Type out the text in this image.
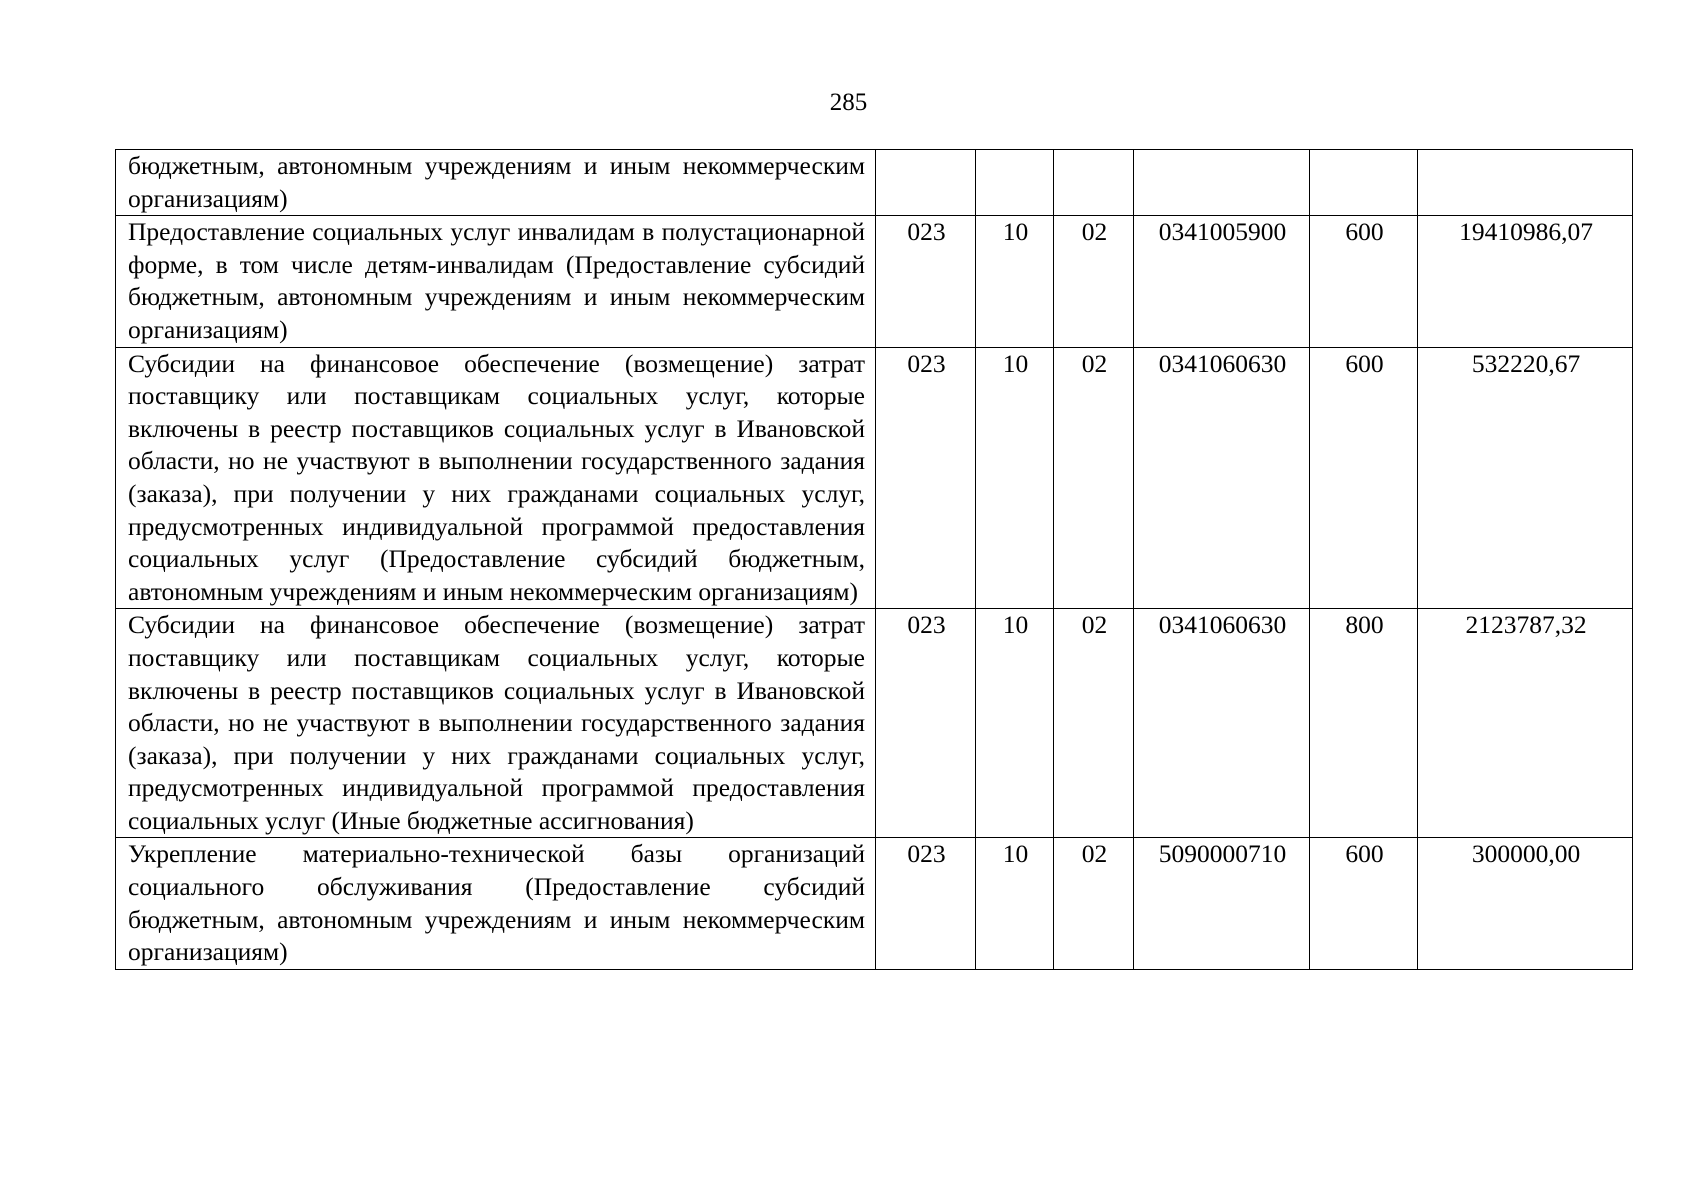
285
бюджетным, автономным учреждениям и иным некоммерческим организациям)						
Предоставление социальных услуг инвалидам в полустационарной форме, в том числе детям-инвалидам (Предоставление субсидий бюджетным, автономным учреждениям и иным некоммерческим организациям)	023	10	02	0341005900	600	19410986,07
Субсидии на финансовое обеспечение (возмещение) затрат поставщику или поставщикам социальных услуг, которые включены в реестр поставщиков социальных услуг в Ивановской области, но не участвуют в выполнении государственного задания (заказа), при получении у них гражданами социальных услуг, предусмотренных индивидуальной программой предоставления социальных услуг (Предоставление субсидий бюджетным, автономным учреждениям и иным некоммерческим организациям)	023	10	02	0341060630	600	532220,67
Субсидии на финансовое обеспечение (возмещение) затрат поставщику или поставщикам социальных услуг, которые включены в реестр поставщиков социальных услуг в Ивановской области, но не участвуют в выполнении государственного задания (заказа), при получении у них гражданами социальных услуг, предусмотренных индивидуальной программой предоставления социальных услуг (Иные бюджетные ассигнования)	023	10	02	0341060630	800	2123787,32
Укрепление материально-технической базы организаций социального обслуживания (Предоставление субсидий бюджетным, автономным учреждениям и иным некоммерческим организациям)	023	10	02	5090000710	600	300000,00
